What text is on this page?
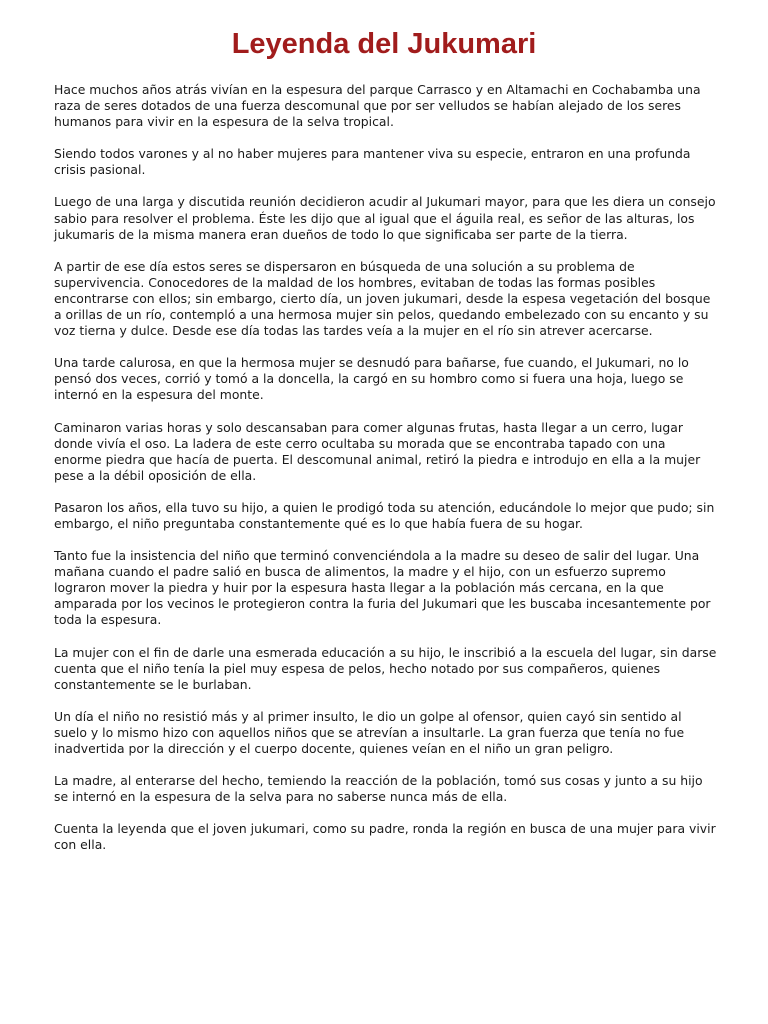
Leyenda del Jukumari

Hace muchos años atrás vivían en la espesura del parque Carrasco y en Altamachi en Cochabamba una raza de seres dotados de una fuerza descomunal que por ser velludos se habían alejado de los seres humanos para vivir en la espesura de la selva tropical.

Siendo todos varones y al no haber mujeres para mantener viva su especie, entraron en una profunda crisis pasional.

Luego de una larga y discutida reunión decidieron acudir al Jukumari mayor, para que les diera un consejo sabio para resolver el problema. Éste les dijo que al igual que el águila real, es señor de las alturas, los jukumaris de la misma manera eran dueños de todo lo que significaba ser parte de la tierra.

A partir de ese día estos seres se dispersaron en búsqueda de una solución a su problema de supervivencia. Conocedores de la maldad de los hombres, evitaban de todas las formas posibles encontrarse con ellos; sin embargo, cierto día, un joven jukumari, desde la espesa vegetación del bosque a orillas de un río, contempló a una hermosa mujer sin pelos, quedando embelezado con su encanto y su voz tierna y dulce. Desde ese día todas las tardes veía a la mujer en el río sin atrever acercarse.

Una tarde calurosa, en que la hermosa mujer se desnudó para bañarse, fue cuando, el Jukumari, no lo pensó dos veces, corrió y tomó a la doncella, la cargó en su hombro como si fuera una hoja, luego se internó en la espesura del monte.

Caminaron varias horas y solo descansaban para comer algunas frutas, hasta llegar a un cerro, lugar donde vivía el oso. La ladera de este cerro ocultaba su morada que se encontraba tapado con una enorme piedra que hacía de puerta. El descomunal animal, retiró la piedra e introdujo en ella a la mujer pese a la débil oposición de ella.

Pasaron los años, ella tuvo su hijo, a quien le prodigó toda su atención, educándole lo mejor que pudo; sin embargo, el niño preguntaba constantemente qué es lo que había fuera de su hogar.

Tanto fue la insistencia del niño que terminó convenciéndola a la madre su deseo de salir del lugar. Una mañana cuando el padre salió en busca de alimentos, la madre y el hijo, con un esfuerzo supremo lograron mover la piedra y huir por la espesura hasta llegar a la población más cercana, en la que amparada por los vecinos le protegieron contra la furia del Jukumari que les buscaba incesantemente por toda la espesura.

La mujer con el fin de darle una esmerada educación a su hijo, le inscribió a la escuela del lugar, sin darse cuenta que el niño tenía la piel muy espesa de pelos, hecho notado por sus compañeros, quienes constantemente se le burlaban.

Un día el niño no resistió más y al primer insulto, le dio un golpe al ofensor, quien cayó sin sentido al suelo y lo mismo hizo con aquellos niños que se atrevían a insultarle. La gran fuerza que tenía no fue inadvertida por la dirección y el cuerpo docente, quienes veían en el niño un gran peligro.

La madre, al enterarse del hecho, temiendo la reacción de la población, tomó sus cosas y junto a su hijo se internó en la espesura de la selva para no saberse nunca más de ella.

Cuenta la leyenda que el joven jukumari, como su padre, ronda la región en busca de una mujer para vivir con ella.
